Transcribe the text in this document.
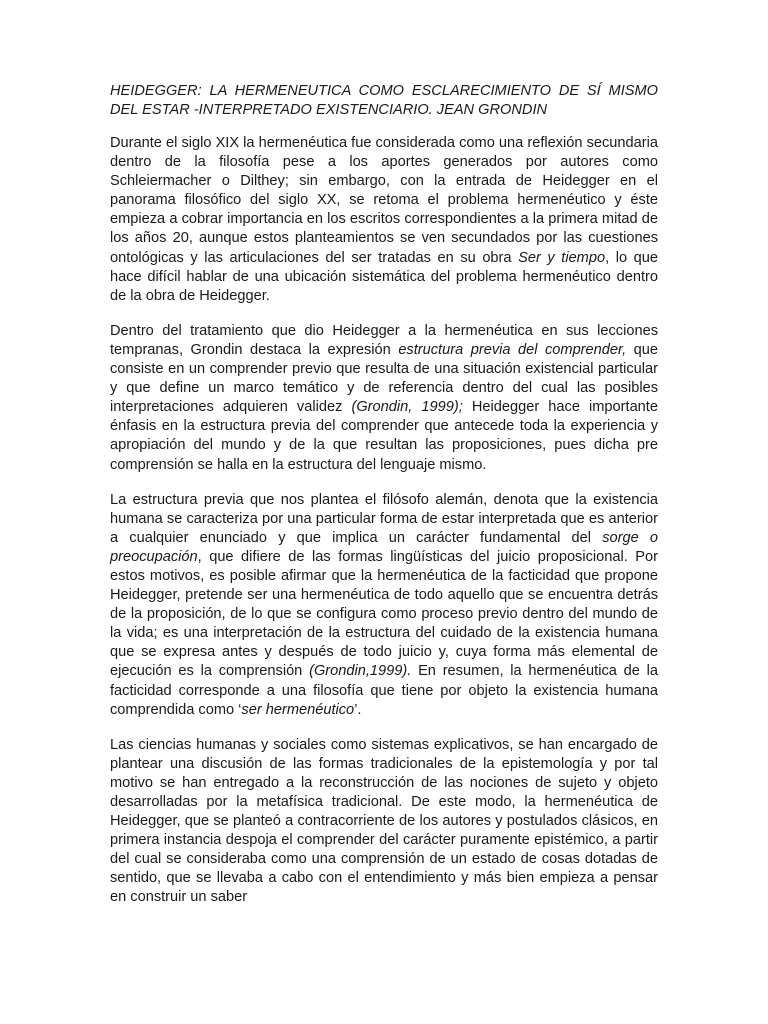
HEIDEGGER: LA HERMENEUTICA COMO ESCLARECIMIENTO DE SÍ MISMO DEL ESTAR -INTERPRETADO EXISTENCIARIO. JEAN GRONDIN

Durante el siglo XIX la hermenéutica fue considerada como una reflexión secundaria dentro de la filosofía pese a los aportes generados por autores como Schleiermacher o Dilthey; sin embargo, con la entrada de Heidegger en el panorama filosófico del siglo XX, se retoma el problema hermenéutico y éste empieza a cobrar importancia en los escritos correspondientes a la primera mitad de los años 20, aunque estos planteamientos se ven secundados por las cuestiones ontológicas y las articulaciones del ser tratadas en su obra Ser y tiempo, lo que hace difícil hablar de una ubicación sistemática del problema hermenéutico dentro de la obra de Heidegger.

Dentro del tratamiento que dio Heidegger a la hermenéutica en sus lecciones tempranas, Grondin destaca la expresión estructura previa del comprender, que consiste en un comprender previo que resulta de una situación existencial particular y que define un marco temático y de referencia dentro del cual las posibles interpretaciones adquieren validez (Grondin, 1999); Heidegger hace importante énfasis en la estructura previa del comprender que antecede toda la experiencia y apropiación del mundo y de la que resultan las proposiciones, pues dicha pre comprensión se halla en la estructura del lenguaje mismo.

La estructura previa que nos plantea el filósofo alemán, denota que la existencia humana se caracteriza por una particular forma de estar interpretada que es anterior a cualquier enunciado y que implica un carácter fundamental del sorge o preocupación, que difiere de las formas lingüísticas del juicio proposicional. Por estos motivos, es posible afirmar que la hermenéutica de la facticidad que propone Heidegger, pretende ser una hermenéutica de todo aquello que se encuentra detrás de la proposición, de lo que se configura como proceso previo dentro del mundo de la vida; es una interpretación de la estructura del cuidado de la existencia humana que se expresa antes y después de todo juicio y, cuya forma más elemental de ejecución es la comprensión (Grondin,1999). En resumen, la hermenéutica de la facticidad corresponde a una filosofía que tiene por objeto la existencia humana comprendida como ‘ser hermenéutico’.

Las ciencias humanas y sociales como sistemas explicativos, se han encargado de plantear una discusión de las formas tradicionales de la epistemología y por tal motivo se han entregado a la reconstrucción de las nociones de sujeto y objeto desarrolladas por la metafísica tradicional. De este modo, la hermenéutica de Heidegger, que se planteó a contracorriente de los autores y postulados clásicos, en primera instancia despoja el comprender del carácter puramente epistémico, a partir del cual se consideraba como una comprensión de un estado de cosas dotadas de sentido, que se llevaba a cabo con el entendimiento y más bien empieza a pensar en construir un saber
